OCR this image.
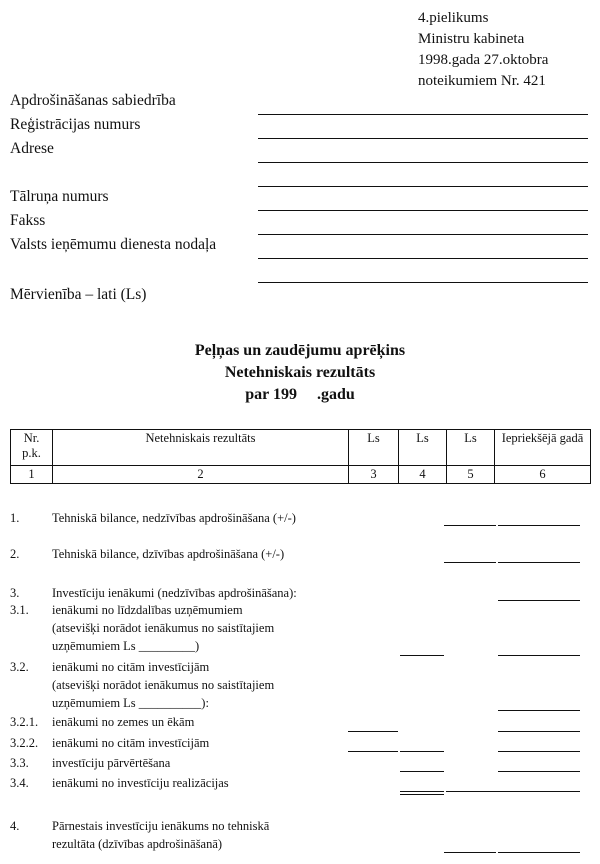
4.pielikums
Ministru kabineta
1998.gada 27.oktobra
noteikumiem Nr. 421
Apdrošināšanas sabiedrība
Reģistrācijas numurs
Adrese
Tālruņa numurs
Fakss
Valsts ieņēmumu dienesta nodaļa
Mērvienība – lati (Ls)
Peļņas un zaudējumu aprēķins
Netehniskais rezultāts
par 199     .gadu
Nr. p.k.	Netehniskais rezultāts	Ls	Ls	Ls	Iepriekšējā gadā
1	2	3	4	5	6
1.	Tehniskā bilance, nedzīvības apdrošināšana (+/-)
2.	Tehniskā bilance, dzīvības apdrošināšana (+/-)
3.	Investīciju ienākumi (nedzīvības apdrošināšana):
3.1. ienākumi no līdzdalības uzņēmumiem
(atsevišķi norādot ienākumus no saistītajiem
uzņēmumiem Ls _________)
3.2. ienākumi no citām investīcijām
(atsevišķi norādot ienākumus no saistītajiem
uzņēmumiem Ls __________):
3.2.1. ienākumi no zemes un ēkām
3.2.2. ienākumi no citām investīcijām
3.3. investīciju pārvērtēšana
3.4. ienākumi no investīciju realizācijas
4.	Pārnestais investīciju ienākums no tehniskā
rezultāta (dzīvības apdrošināšanā)
